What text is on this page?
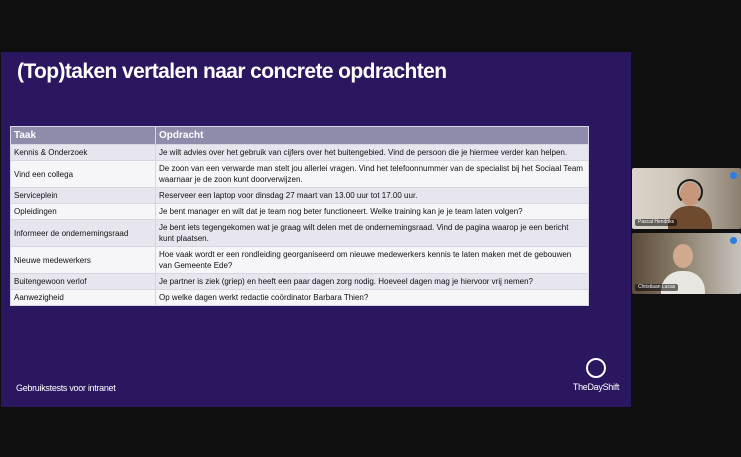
(Top)taken vertalen naar concrete opdrachten
Taak	Opdracht
Kennis & Onderzoek	Je wilt advies over het gebruik van cijfers over het buitengebied. Vind de persoon die je hiermee verder kan helpen.
Vind een collega	De zoon van een verwarde man stelt jou allerlei vragen. Vind het telefoonnummer van de specialist bij het Sociaal Team waarnaar je de zoon kunt doorverwijzen.
Serviceplein	Reserveer een laptop voor dinsdag 27 maart van 13.00 uur tot 17.00 uur.
Opleidingen	Je bent manager en wilt dat je team nog beter functioneert. Welke training kan je je team laten volgen?
Informeer de ondernemingsraad	Je bent iets tegengekomen wat je graag wilt delen met de ondernemingsraad. Vind de pagina waarop je een bericht kunt plaatsen.
Nieuwe medewerkers	Hoe vaak wordt er een rondleiding georganiseerd om nieuwe medewerkers kennis te laten maken met de gebouwen van Gemeente Ede?
Buitengewoon verlof	Je partner is ziek (griep) en heeft een paar dagen zorg nodig. Hoeveel dagen mag je hiervoor vrij nemen?
Aanwezigheid	Op welke dagen werkt redactie coördinator Barbara Thien?
Gebruikstests voor intranet	TheDayShift
Pascal Hendriks
Christiaan Lucas
